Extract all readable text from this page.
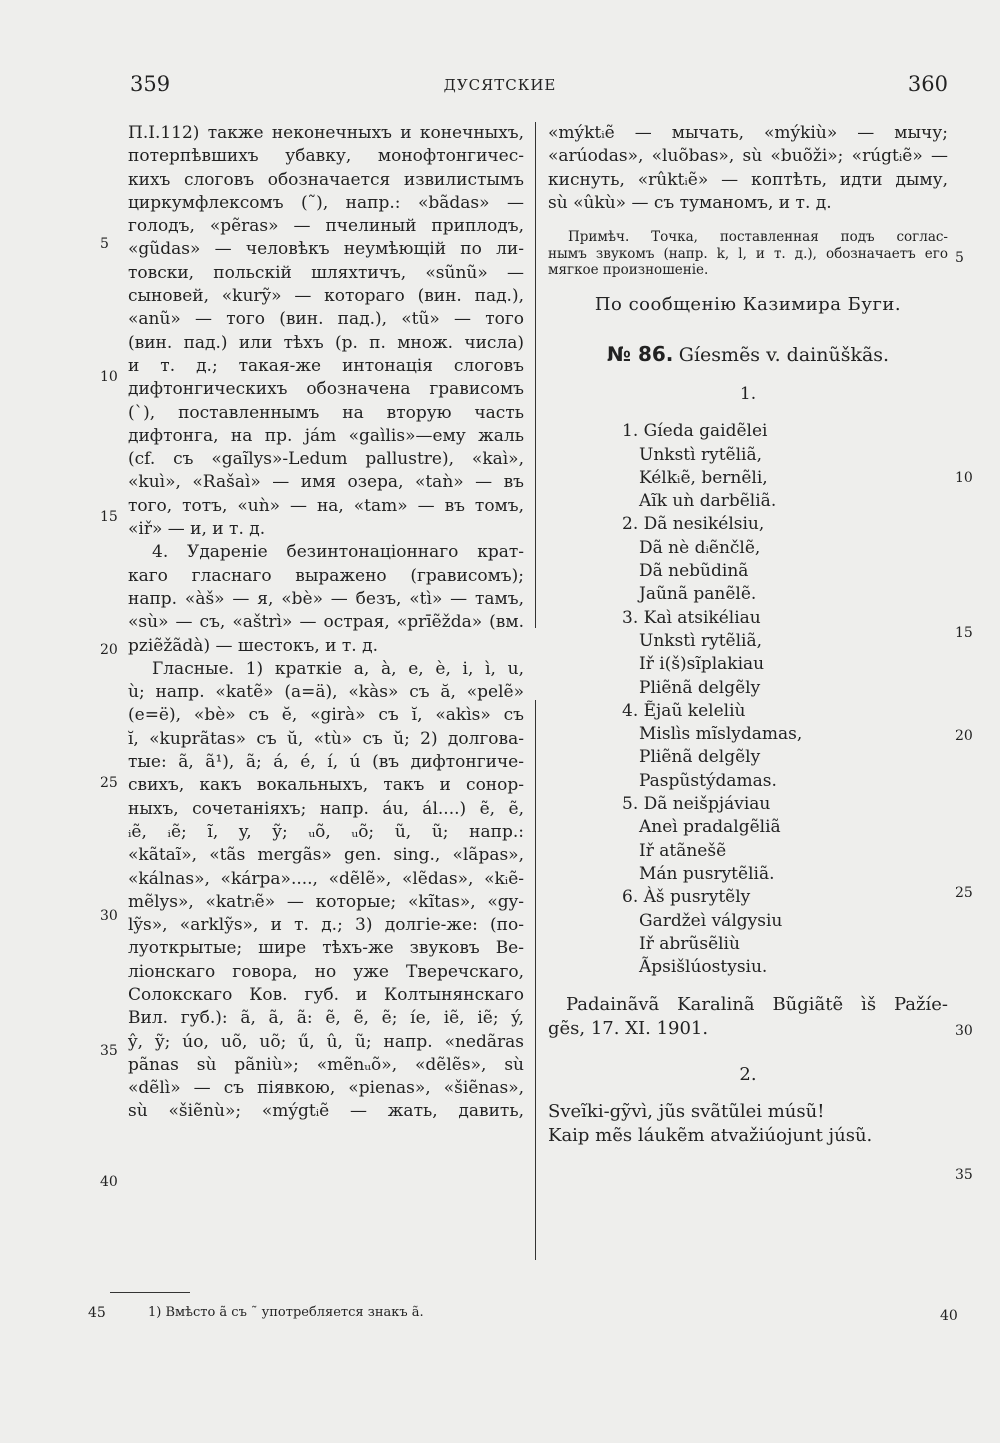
359	ДУСЯТСКИЕ	360
П.І.112) также неконечныхъ и конечныхъ,
потерпѣвшихъ убавку, монофтонгичес-
кихъ слоговъ обозначается извилистымъ
циркумфлексомъ (˜), напр.: «bãdas» —
голодъ, «pẽras» — пчелиный приплодъ,
«gũdas» — человѣкъ неумѣющій по ли-
товски, польскій шляхтичъ, «sũnũ» —
сыновей, «kurỹ» — котораго (вин. пад.),
«anũ» — того (вин. пад.), «tũ» — того
(вин. пад.) или тѣхъ (р. п. множ. числа)
и т. д.; такая-же интонація слоговъ
дифтонгическихъ обозначена грависомъ
(`), поставленнымъ на вторую часть
дифтонга, на пр. jám «gaìlis»—ему жаль
(cf. съ «gaĩlys»-Ledum pallustre), «kaì»,
«kuì», «Rašaì» — имя озера, «taǹ» — въ
того, тотъ, «uǹ» — на, «tam» — въ томъ,
«iř» — и, и т. д.
4. Удареніе безинтонаціоннаго крат-
каго гласнаго выражено (грависомъ);
напр. «àš» — я, «bè» — безъ, «tì» — тамъ,
«sù» — съ, «aštrì» — острая, «prīẽžda» (вм.
pziẽžãdà) — шестокъ, и т. д.
Гласные. 1) краткіе a, à, e, è, i, ì, u,
ù; напр. «katẽ» (a=ä), «kàs» съ ă, «pelẽ»
(e=ë), «bè» съ ĕ, «girà» съ ĭ, «akìs» съ
ĭ, «kuprãtas» съ ŭ, «tù» съ ŭ; 2) долгова-
тые: ã, ã¹), ã; á, é, í, ú (въ дифтонгиче-
свихъ, какъ вокальныхъ, такъ и сонор-
ныхъ, сочетаніяхъ; напр. áu, ál....) ẽ, ẽ,
ᵢẽ, ᵢẽ; ĩ, y, ỹ; ᵤõ, ᵤõ; ũ, ũ; напр.:
«kãtaĩ», «tãs mergãs» gen. sing., «lãpas»,
«kálnas», «kárpa»...., «dẽlẽ», «lẽdas», «kᵢẽ-
mẽlys», «katrᵢẽ» — которые; «kĩtas», «gy-
lỹs», «arklỹs», и т. д.; 3) долгіе-же: (по-
луоткрытые; шире тѣхъ-же звуковъ Ве-
лiонскаго говора, но уже Тверечскаго,
Солокскаго Ков. губ. и Колтынянскаго
Вил. губ.): ã, ã, ã: ẽ, ẽ, ẽ; íe, iẽ, iẽ; ý,
ŷ, ỹ; úo, uõ, uõ; ű, û, ũ; напр. «nedãras
pãnas sù pãniù»; «mẽnᵤõ», «dẽlẽs», sù
«dẽlì» — съ піявкою, «pienas», «šiẽnas»,
sù «šiẽnù»; «mýgtᵢẽ — жать, давить,
5
10
15
20
25
30
35
40
«mýktᵢẽ — мычать, «mýkiù» — мычу;
«arúodas», «luõbas», sù «buõži»; «rúgtᵢẽ» —
киснуть, «rûktᵢẽ» — коптѣть, идти дыму,
sù «ûkù» — съ туманомъ, и т. д.
Примѣч. Точка, поставленная подъ соглас-
нымъ звукомъ (напр. k, l, и т. д.), обозначаетъ его
мягкое произношеніе.
По сообщенію Казимира Буги.
№ 86. Gíesmẽs v. dainũškãs.
1.
1. Gíeda gaidẽlei
Unkstì rytẽliã,
Kélkᵢẽ, bernẽli,
Aĩk uǹ darbẽliã.
2. Dã nesikélsiu,
Dã nè dᵢẽnčlẽ,
Dã nebũdinã
Jaũnã panẽlẽ.
3. Kaì atsikéliau
Unkstì rytẽliã,
Iř i(š)sĩplakiau
Pliẽnã delgẽly
4. Ẽjaũ keleliù
Mislìs mĩslydamas,
Pliẽnã delgẽly
Paspũstýdamas.
5. Dã neišpjáviau
Aneì pradalgẽliã
Iř atãnešẽ
Mán pusrytẽliã.
6. Àš pusrytẽly
Gardžeì válgysiu
Iř abrũsẽliù
Ãpsišlúostysiu.
Padainãvã Karalinã Bũgiãtẽ ìš Pažíe-
gẽs, 17. XI. 1901.
2.
Sveĩki-gỹvì, jũs svãtũlei músũ!
Kaip mẽs láukẽm atvažiúojunt júsũ.
5
10
15
20
25
30
35
40
45	1) Вмѣсто ã съ ˜ употребляется знакъ ã.
